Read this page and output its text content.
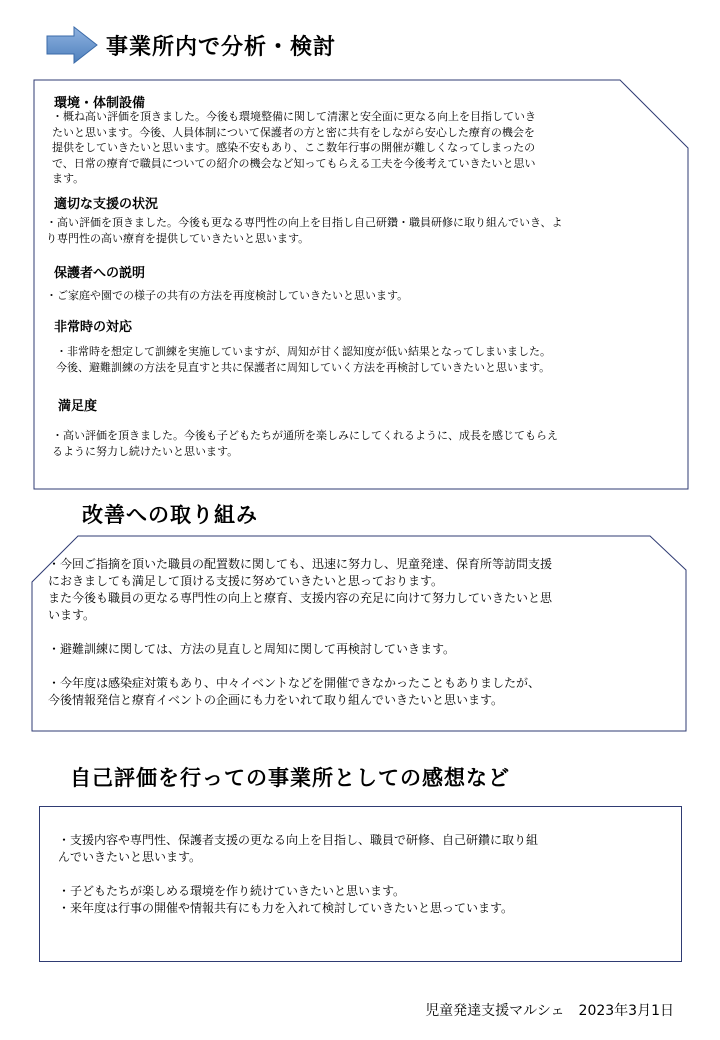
事業所内で分析・検討
環境・体制設備

・概ね高い評価を頂きました。今後も環境整備に関して清潔と安全面に更なる向上を目指していき

たいと思います。今後、人員体制について保護者の方と密に共有をしながら安心した療育の機会を

提供をしていきたいと思います。感染不安もあり、ここ数年行事の開催が難しくなってしまったの

で、日常の療育で職員についての紹介の機会など知ってもらえる工夫を今後考えていきたいと思い

ます。

適切な支援の状況

・高い評価を頂きました。今後も更なる専門性の向上を目指し自己研鑽・職員研修に取り組んでいき、よ

り専門性の高い療育を提供していきたいと思います。

保護者への説明

・ご家庭や園での様子の共有の方法を再度検討していきたいと思います。

非常時の対応

・非常時を想定して訓練を実施していますが、周知が甘く認知度が低い結果となってしまいました。

今後、避難訓練の方法を見直すと共に保護者に周知していく方法を再検討していきたいと思います。

満足度

・高い評価を頂きました。今後も子どもたちが通所を楽しみにしてくれるように、成長を感じてもらえ

るように努力し続けたいと思います。

改善への取り組み

・今回ご指摘を頂いた職員の配置数に関しても、迅速に努力し、児童発達、保育所等訪問支援

におきましても満足して頂ける支援に努めていきたいと思っております。

また今後も職員の更なる専門性の向上と療育、支援内容の充足に向けて努力していきたいと思

います。

・避難訓練に関しては、方法の見直しと周知に関して再検討していきます。

・今年度は感染症対策もあり、中々イベントなどを開催できなかったこともありましたが、

今後情報発信と療育イベントの企画にも力をいれて取り組んでいきたいと思います。

自己評価を行っての事業所としての感想など

・支援内容や専門性、保護者支援の更なる向上を目指し、職員で研修、自己研鑽に取り組

んでいきたいと思います。

・子どもたちが楽しめる環境を作り続けていきたいと思います。

・来年度は行事の開催や情報共有にも力を入れて検討していきたいと思っています。

児童発達支援マルシェ　2023年3月1日
